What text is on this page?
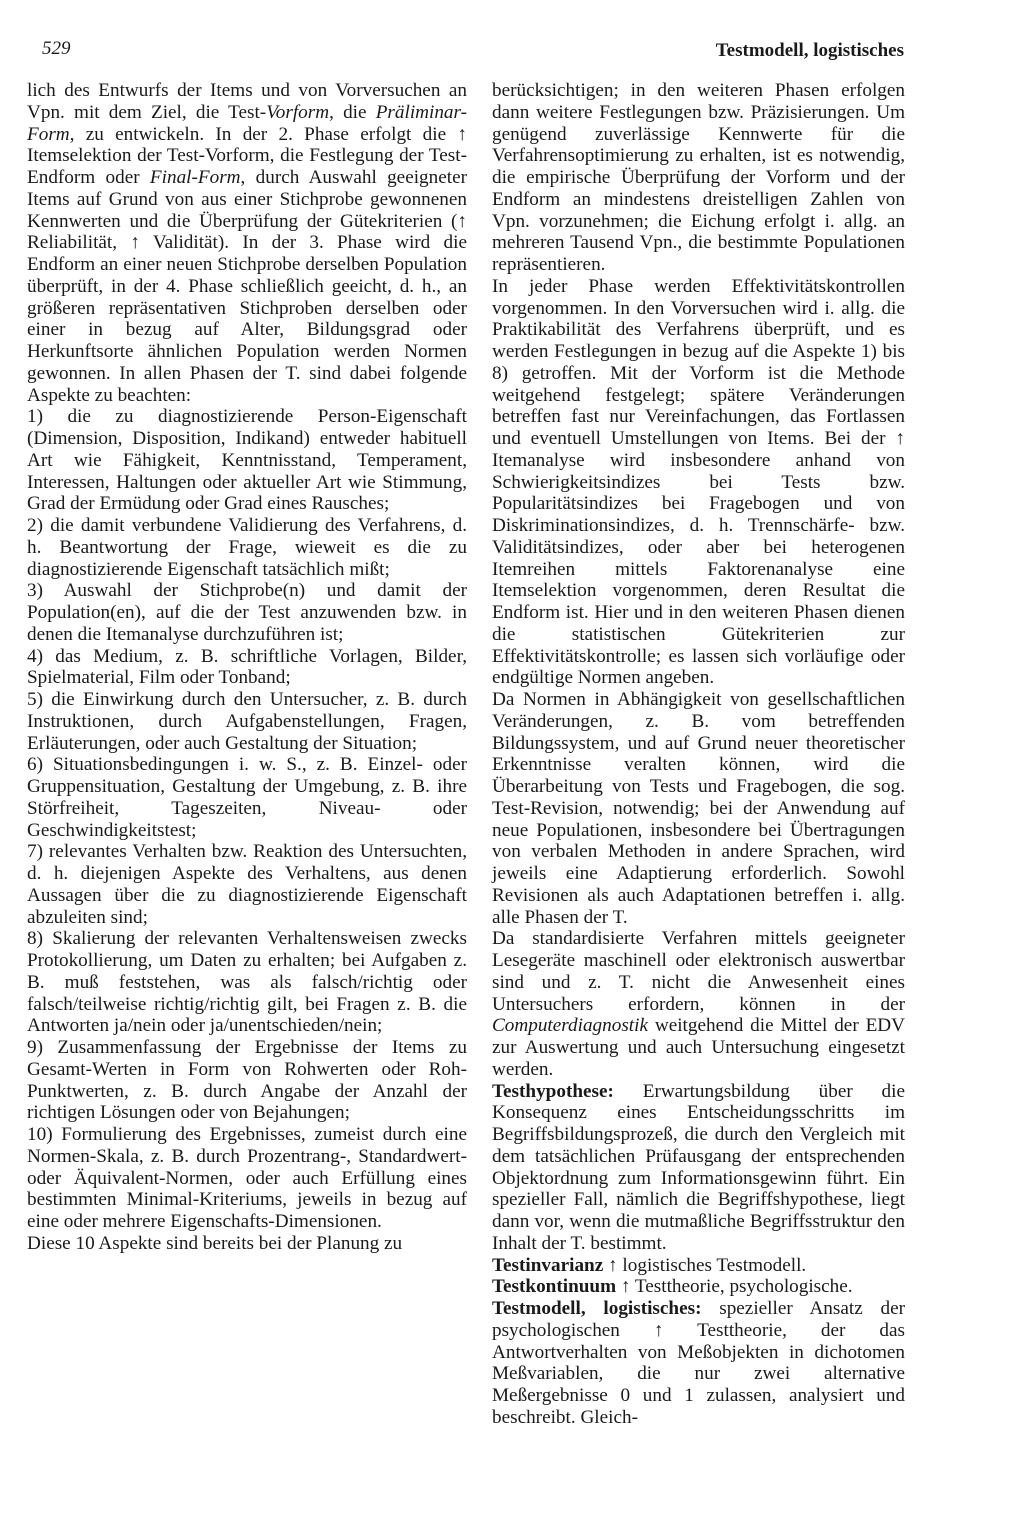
529	Testmodell, logistisches

lich des Entwurfs der Items und von Vorversuchen an Vpn. mit dem Ziel, die Test-Vorform, die Präliminar-Form, zu entwickeln. In der 2. Phase erfolgt die ↑ Itemselektion der Test-Vorform, die Festlegung der Test-Endform oder Final-Form, durch Auswahl geeigneter Items auf Grund von aus einer Stichprobe gewonnenen Kennwerten und die Überprüfung der Gütekriterien (↑ Reliabilität, ↑ Validität). In der 3. Phase wird die Endform an einer neuen Stichprobe derselben Population überprüft, in der 4. Phase schließlich geeicht, d. h., an größeren repräsentativen Stichproben derselben oder einer in bezug auf Alter, Bildungsgrad oder Herkunftsorte ähnlichen Population werden Normen gewonnen. In allen Phasen der T. sind dabei folgende Aspekte zu beachten:

1) die zu diagnostizierende Person-Eigenschaft (Dimension, Disposition, Indikand) entweder habituell Art wie Fähigkeit, Kenntnisstand, Temperament, Interessen, Haltungen oder aktueller Art wie Stimmung, Grad der Ermüdung oder Grad eines Rausches;

2) die damit verbundene Validierung des Verfahrens, d. h. Beantwortung der Frage, wieweit es die zu diagnostizierende Eigenschaft tatsächlich mißt;

3) Auswahl der Stichprobe(n) und damit der Population(en), auf die der Test anzuwenden bzw. in denen die Itemanalyse durchzuführen ist;

4) das Medium, z. B. schriftliche Vorlagen, Bilder, Spielmaterial, Film oder Tonband;

5) die Einwirkung durch den Untersucher, z. B. durch Instruktionen, durch Aufgabenstellungen, Fragen, Erläuterungen, oder auch Gestaltung der Situation;

6) Situationsbedingungen i. w. S., z. B. Einzel- oder Gruppensituation, Gestaltung der Umgebung, z. B. ihre Störfreiheit, Tageszeiten, Niveau- oder Geschwindigkeitstest;

7) relevantes Verhalten bzw. Reaktion des Untersuchten, d. h. diejenigen Aspekte des Verhaltens, aus denen Aussagen über die zu diagnostizierende Eigenschaft abzuleiten sind;

8) Skalierung der relevanten Verhaltensweisen zwecks Protokollierung, um Daten zu erhalten; bei Aufgaben z. B. muß feststehen, was als falsch/richtig oder falsch/teilweise richtig/richtig gilt, bei Fragen z. B. die Antworten ja/nein oder ja/unentschieden/nein;

9) Zusammenfassung der Ergebnisse der Items zu Gesamt-Werten in Form von Rohwerten oder Roh-Punktwerten, z. B. durch Angabe der Anzahl der richtigen Lösungen oder von Bejahungen;

10) Formulierung des Ergebnisses, zumeist durch eine Normen-Skala, z. B. durch Prozentrang-, Standardwert- oder Äquivalent-Normen, oder auch Erfüllung eines bestimmten Minimal-Kriteriums, jeweils in bezug auf eine oder mehrere Eigenschafts-Dimensionen.

Diese 10 Aspekte sind bereits bei der Planung zu

berücksichtigen; in den weiteren Phasen erfolgen dann weitere Festlegungen bzw. Präzisierungen. Um genügend zuverlässige Kennwerte für die Verfahrensoptimierung zu erhalten, ist es notwendig, die empirische Überprüfung der Vorform und der Endform an mindestens dreistelligen Zahlen von Vpn. vorzunehmen; die Eichung erfolgt i. allg. an mehreren Tausend Vpn., die bestimmte Populationen repräsentieren.

In jeder Phase werden Effektivitätskontrollen vorgenommen. In den Vorversuchen wird i. allg. die Praktikabilität des Verfahrens überprüft, und es werden Festlegungen in bezug auf die Aspekte 1) bis 8) getroffen. Mit der Vorform ist die Methode weitgehend festgelegt; spätere Veränderungen betreffen fast nur Vereinfachungen, das Fortlassen und eventuell Umstellungen von Items. Bei der ↑ Itemanalyse wird insbesondere anhand von Schwierigkeitsindizes bei Tests bzw. Popularitätsindizes bei Fragebogen und von Diskriminationsindizes, d. h. Trennschärfe- bzw. Validitätsindizes, oder aber bei heterogenen Itemreihen mittels Faktorenanalyse eine Itemselektion vorgenommen, deren Resultat die Endform ist. Hier und in den weiteren Phasen dienen die statistischen Gütekriterien zur Effektivitätskontrolle; es lassen sich vorläufige oder endgültige Normen angeben.

Da Normen in Abhängigkeit von gesellschaftlichen Veränderungen, z. B. vom betreffenden Bildungssystem, und auf Grund neuer theoretischer Erkenntnisse veralten können, wird die Überarbeitung von Tests und Fragebogen, die sog. Test-Revision, notwendig; bei der Anwendung auf neue Populationen, insbesondere bei Übertragungen von verbalen Methoden in andere Sprachen, wird jeweils eine Adaptierung erforderlich. Sowohl Revisionen als auch Adaptationen betreffen i. allg. alle Phasen der T.

Da standardisierte Verfahren mittels geeigneter Lesegeräte maschinell oder elektronisch auswertbar sind und z. T. nicht die Anwesenheit eines Untersuchers erfordern, können in der Computerdiagnostik weitgehend die Mittel der EDV zur Auswertung und auch Untersuchung eingesetzt werden.

Testhypothese: Erwartungsbildung über die Konsequenz eines Entscheidungsschritts im Begriffsbildungsprozeß, die durch den Vergleich mit dem tatsächlichen Prüfausgang der entsprechenden Objektordnung zum Informationsgewinn führt. Ein spezieller Fall, nämlich die Begriffshypothese, liegt dann vor, wenn die mutmaßliche Begriffsstruktur den Inhalt der T. bestimmt.

Testinvarianz ↑ logistisches Testmodell.

Testkontinuum ↑ Testtheorie, psychologische.

Testmodell, logistisches: spezieller Ansatz der psychologischen ↑ Testtheorie, der das Antwortverhalten von Meßobjekten in dichotomen Meßvariablen, die nur zwei alternative Meßergebnisse 0 und 1 zulassen, analysiert und beschreibt. Gleich-
